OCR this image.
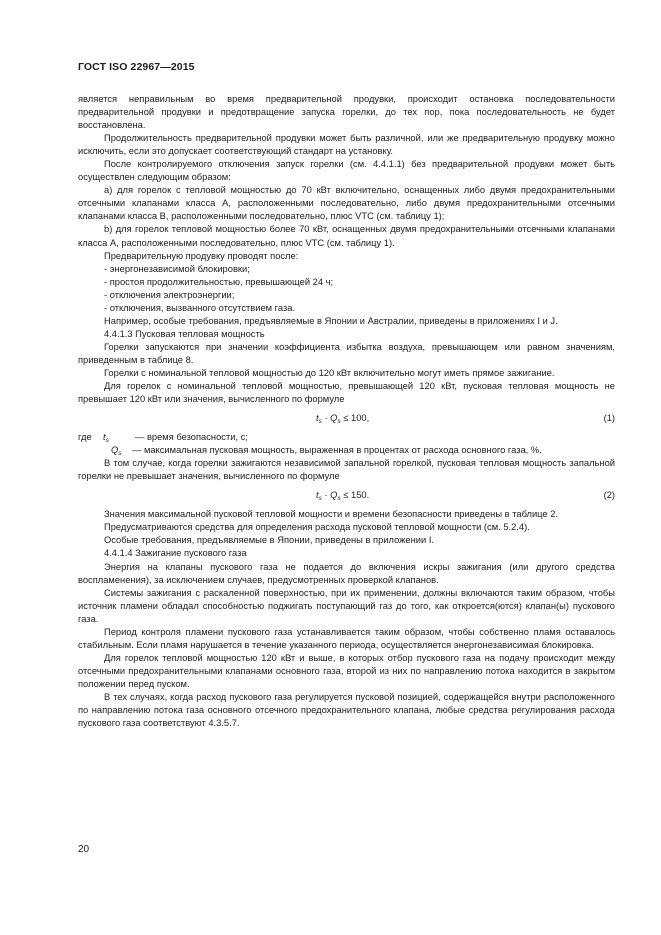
ГОСТ ISO 22967—2015

является неправильным во время предварительной продувки, происходит остановка последовательности предварительной продувки и предотвращение запуска горелки, до тех пор, пока последовательность не будет восстановлена.

Продолжительность предварительной продувки может быть различной, или же предварительную продувку можно исключить, если это допускает соответствующий стандарт на установку.

После контролируемого отключения запуск горелки (см. 4.4.1.1) без предварительной продувки может быть осуществлен следующим образом:

a) для горелок с тепловой мощностью до 70 кВт включительно, оснащенных либо двумя предохранительными отсечными клапанами класса А, расположенными последовательно, либо двумя предохранительными отсечными клапанами класса В, расположенными последовательно, плюс VTC (см. таблицу 1);

b) для горелок тепловой мощностью более 70 кВт, оснащенных двумя предохранительными отсечными клапанами класса А, расположенными последовательно, плюс VTC (см. таблицу 1).

Предварительную продувку проводят после:

- энергонезависимой блокировки;

- простоя продолжительностью, превышающей 24 ч;

- отключения электроэнергии;

- отключения, вызванного отсутствием газа.

Например, особые требования, предъявляемые в Японии и Австралии, приведены в приложениях I и J.

4.4.1.3 Пусковая тепловая мощность

Горелки запускаются при значении коэффициента избытка воздуха, превышающем или равном значениям, приведенным в таблице 8.

Горелки с номинальной тепловой мощностью до 120 кВт включительно могут иметь прямое зажигание.

Для горелок с номинальной тепловой мощностью, превышающей 120 кВт, пусковая тепловая мощность не превышает 120 кВт или значения, вычисленного по формуле

$t_s \cdot Q_s \le 100$,	(1)

где $t_s$	— время безопасности, с;

$Q_s$ — максимальная пусковая мощность, выраженная в процентах от расхода основного газа, %.

В том случае, когда горелки зажигаются независимой запальной горелкой, пусковая тепловая мощность запальной горелки не превышает значения, вычисленного по формуле

$t_s \cdot Q_s \le 150$.	(2)

Значения максимальной пусковой тепловой мощности и времени безопасности приведены в таблице 2.

Предусматриваются средства для определения расхода пусковой тепловой мощности (см. 5.2.4).

Особые требования, предъявляемые в Японии, приведены в приложении I.

4.4.1.4 Зажигание пускового газа

Энергия на клапаны пускового газа не подается до включения искры зажигания (или другого средства воспламенения), за исключением случаев, предусмотренных проверкой клапанов.

Системы зажигания с раскаленной поверхностью, при их применении, должны включаются таким образом, чтобы источник пламени обладал способностью поджигать поступающий газ до того, как откроется(ются) клапан(ы) пускового газа.

Период контроля пламени пускового газа устанавливается таким образом, чтобы собственно пламя оставалось стабильным. Если пламя нарушается в течение указанного периода, осуществляется энергонезависимая блокировка.

Для горелок тепловой мощностью 120 кВт и выше, в которых отбор пускового газа на подачу происходит между отсечными предохранительными клапанами основного газа, второй из них по направлению потока находится в закрытом положении перед пуском.

В тех случаях, когда расход пускового газа регулируется пусковой позицией, содержащейся внутри расположенного по направлению потока газа основного отсечного предохранительного клапана, любые средства регулирования расхода пускового газа соответствуют 4.3.5.7.

20
